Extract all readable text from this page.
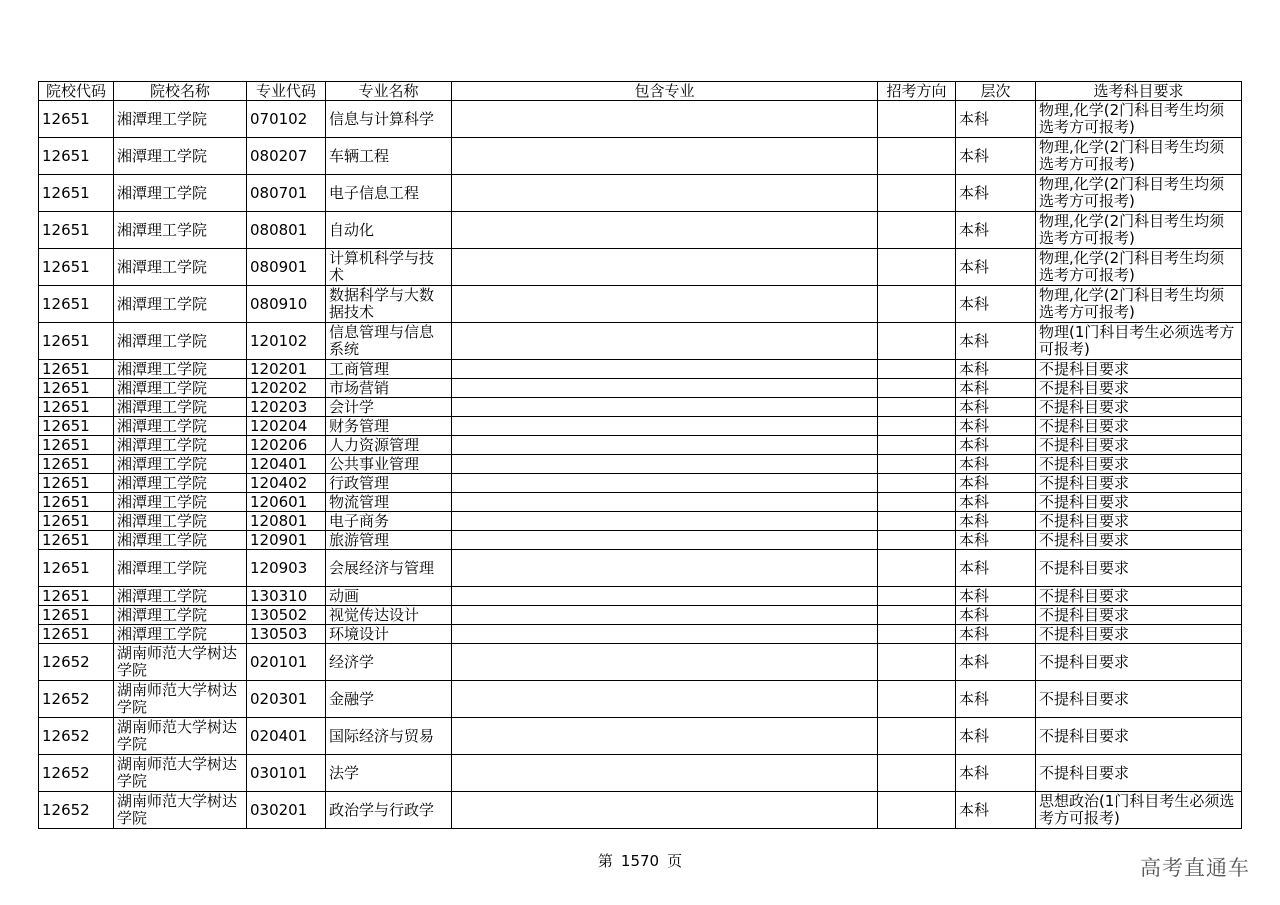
院校代码	院校名称	专业代码	专业名称	包含专业	招考方向	层次	选考科目要求
12651	湘潭理工学院	070102	信息与计算科学			本科	物理,化学(2门科目考生均须选考方可报考)
12651	湘潭理工学院	080207	车辆工程			本科	物理,化学(2门科目考生均须选考方可报考)
12651	湘潭理工学院	080701	电子信息工程			本科	物理,化学(2门科目考生均须选考方可报考)
12651	湘潭理工学院	080801	自动化			本科	物理,化学(2门科目考生均须选考方可报考)
12651	湘潭理工学院	080901	计算机科学与技术			本科	物理,化学(2门科目考生均须选考方可报考)
12651	湘潭理工学院	080910	数据科学与大数据技术			本科	物理,化学(2门科目考生均须选考方可报考)
12651	湘潭理工学院	120102	信息管理与信息系统			本科	物理(1门科目考生必须选考方可报考)
12651	湘潭理工学院	120201	工商管理			本科	不提科目要求
12651	湘潭理工学院	120202	市场营销			本科	不提科目要求
12651	湘潭理工学院	120203	会计学			本科	不提科目要求
12651	湘潭理工学院	120204	财务管理			本科	不提科目要求
12651	湘潭理工学院	120206	人力资源管理			本科	不提科目要求
12651	湘潭理工学院	120401	公共事业管理			本科	不提科目要求
12651	湘潭理工学院	120402	行政管理			本科	不提科目要求
12651	湘潭理工学院	120601	物流管理			本科	不提科目要求
12651	湘潭理工学院	120801	电子商务			本科	不提科目要求
12651	湘潭理工学院	120901	旅游管理			本科	不提科目要求
12651	湘潭理工学院	120903	会展经济与管理			本科	不提科目要求
12651	湘潭理工学院	130310	动画			本科	不提科目要求
12651	湘潭理工学院	130502	视觉传达设计			本科	不提科目要求
12651	湘潭理工学院	130503	环境设计			本科	不提科目要求
12652	湖南师范大学树达学院	020101	经济学			本科	不提科目要求
12652	湖南师范大学树达学院	020301	金融学			本科	不提科目要求
12652	湖南师范大学树达学院	020401	国际经济与贸易			本科	不提科目要求
12652	湖南师范大学树达学院	030101	法学			本科	不提科目要求
12652	湖南师范大学树达学院	030201	政治学与行政学			本科	思想政治(1门科目考生必须选考方可报考)
第 1570 页	高考直通车
